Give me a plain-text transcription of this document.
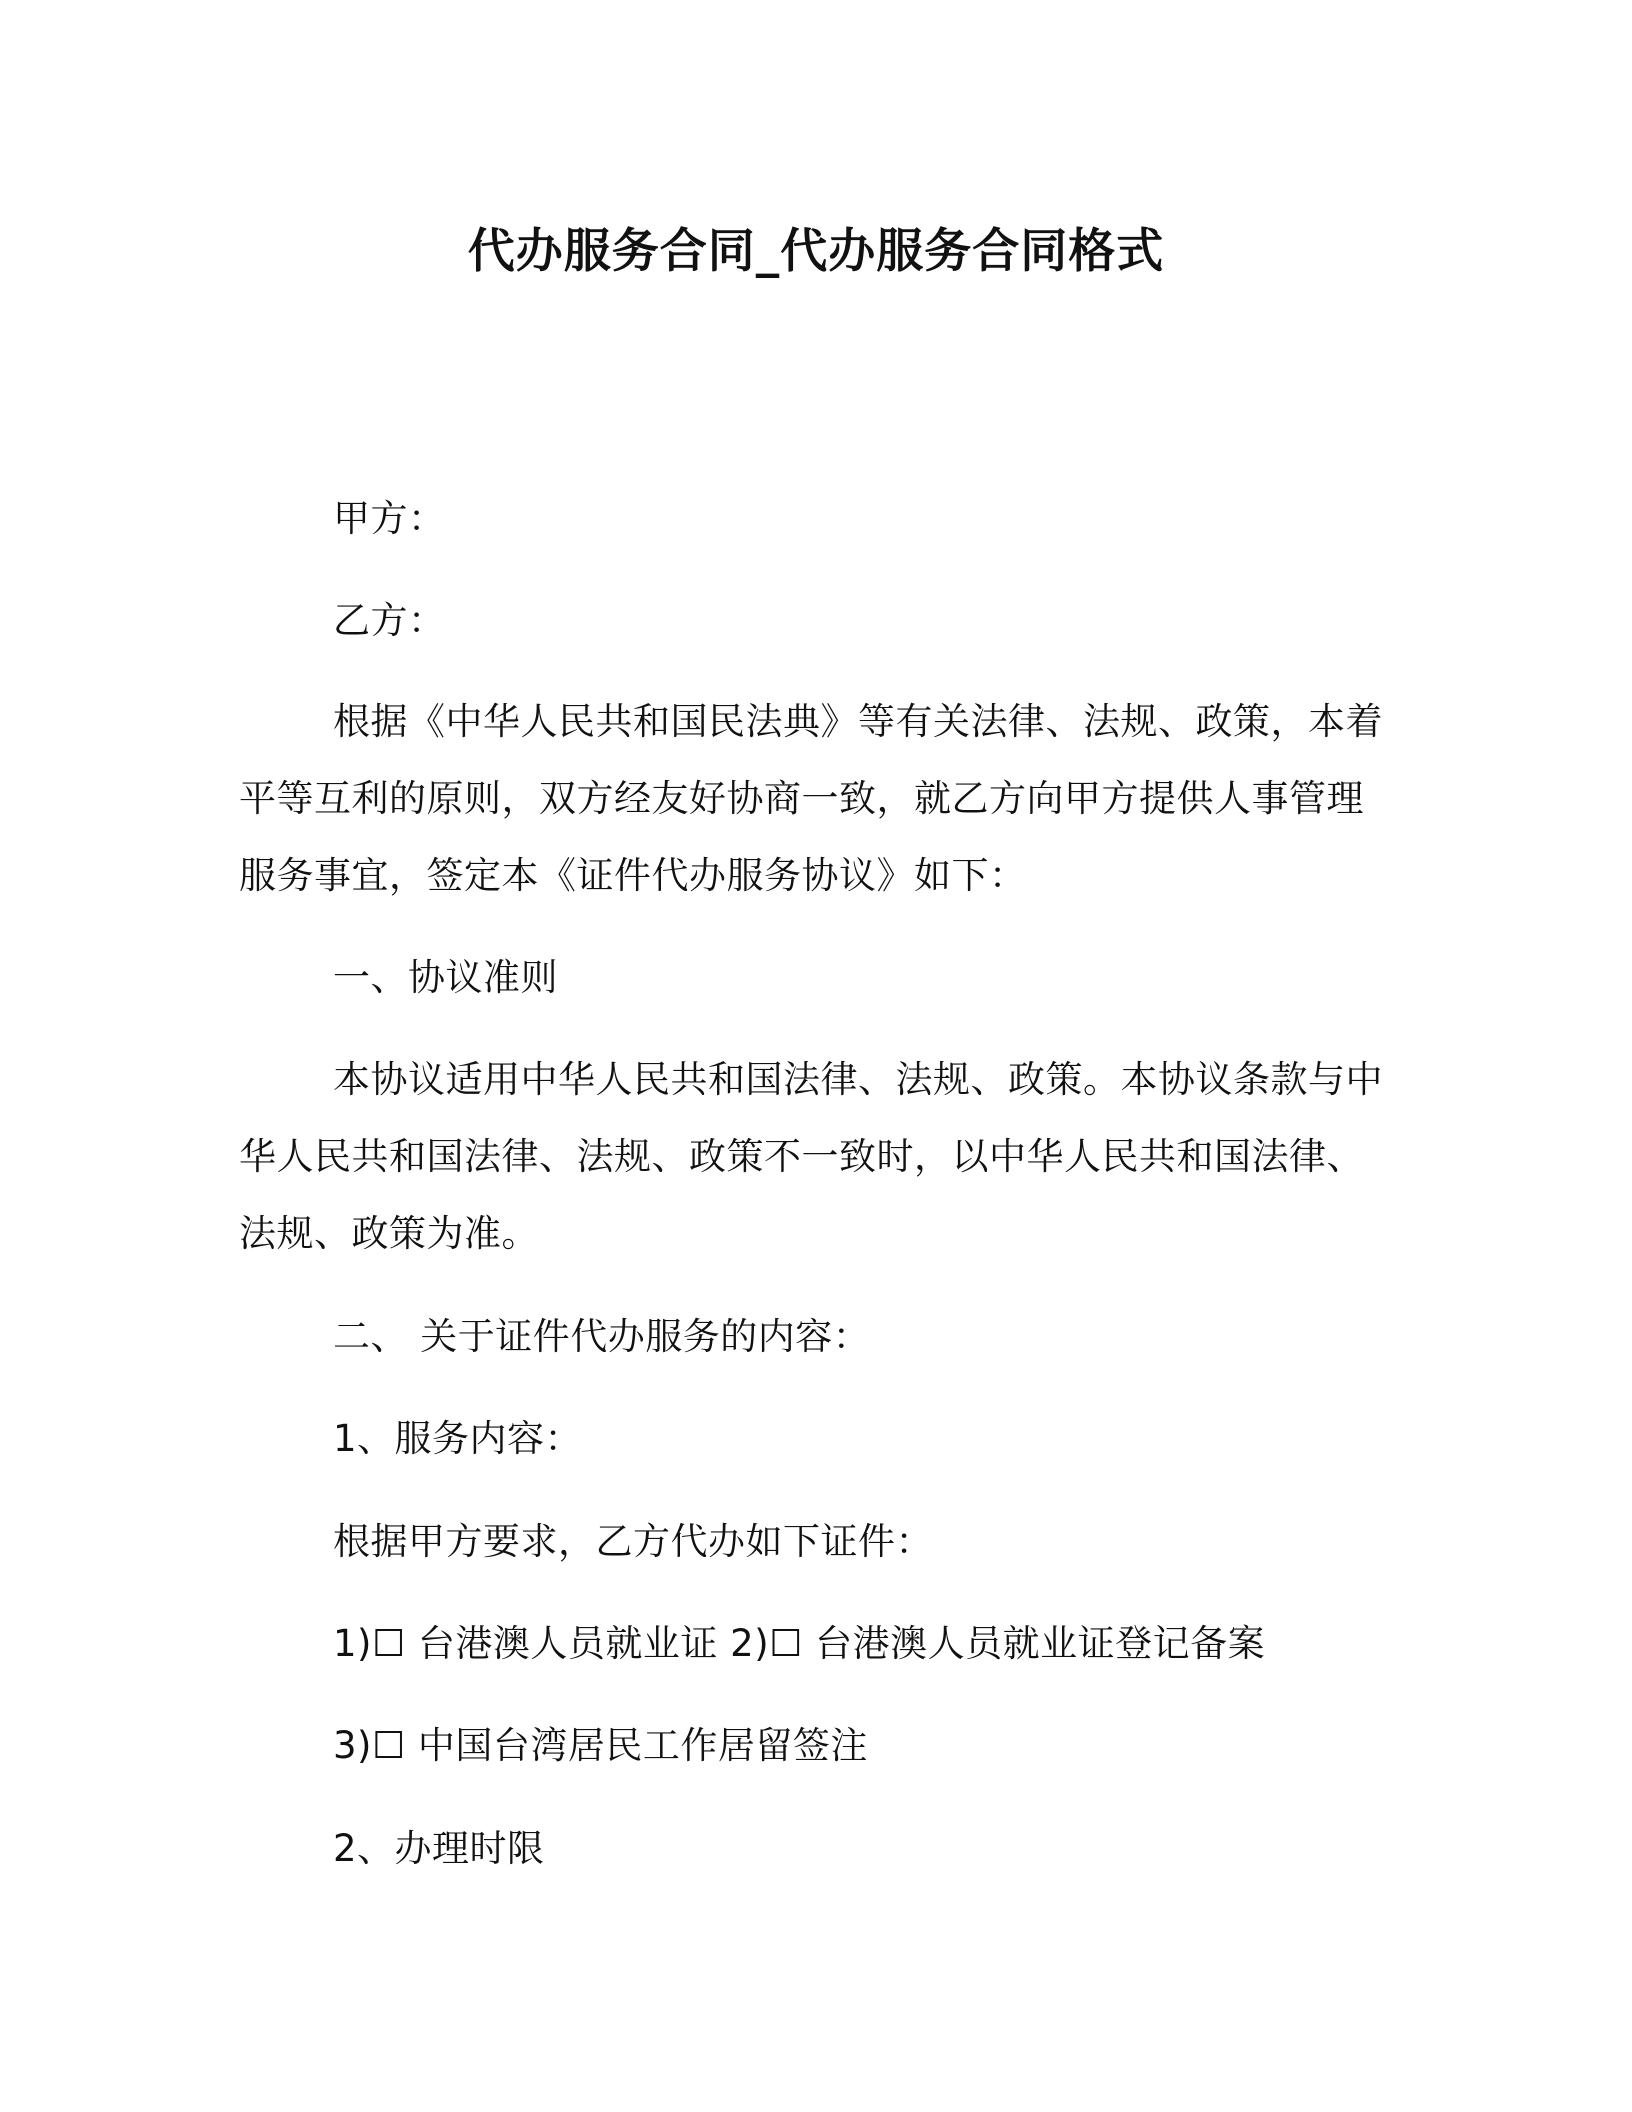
代办服务合同_代办服务合同格式
甲方：
乙方：
根据《中华人民共和国民法典》等有关法律、法规、政策，本着
平等互利的原则，双方经友好协商一致，就乙方向甲方提供人事管理
服务事宜，签定本《证件代办服务协议》如下：
一、协议准则
本协议适用中华人民共和国法律、法规、政策。本协议条款与中
华人民共和国法律、法规、政策不一致时，以中华人民共和国法律、
法规、政策为准。
二、 关于证件代办服务的内容：
1、服务内容：
根据甲方要求，乙方代办如下证件：
1)☐ 台港澳人员就业证 2)☐ 台港澳人员就业证登记备案
3)☐ 中国台湾居民工作居留签注
2、办理时限
